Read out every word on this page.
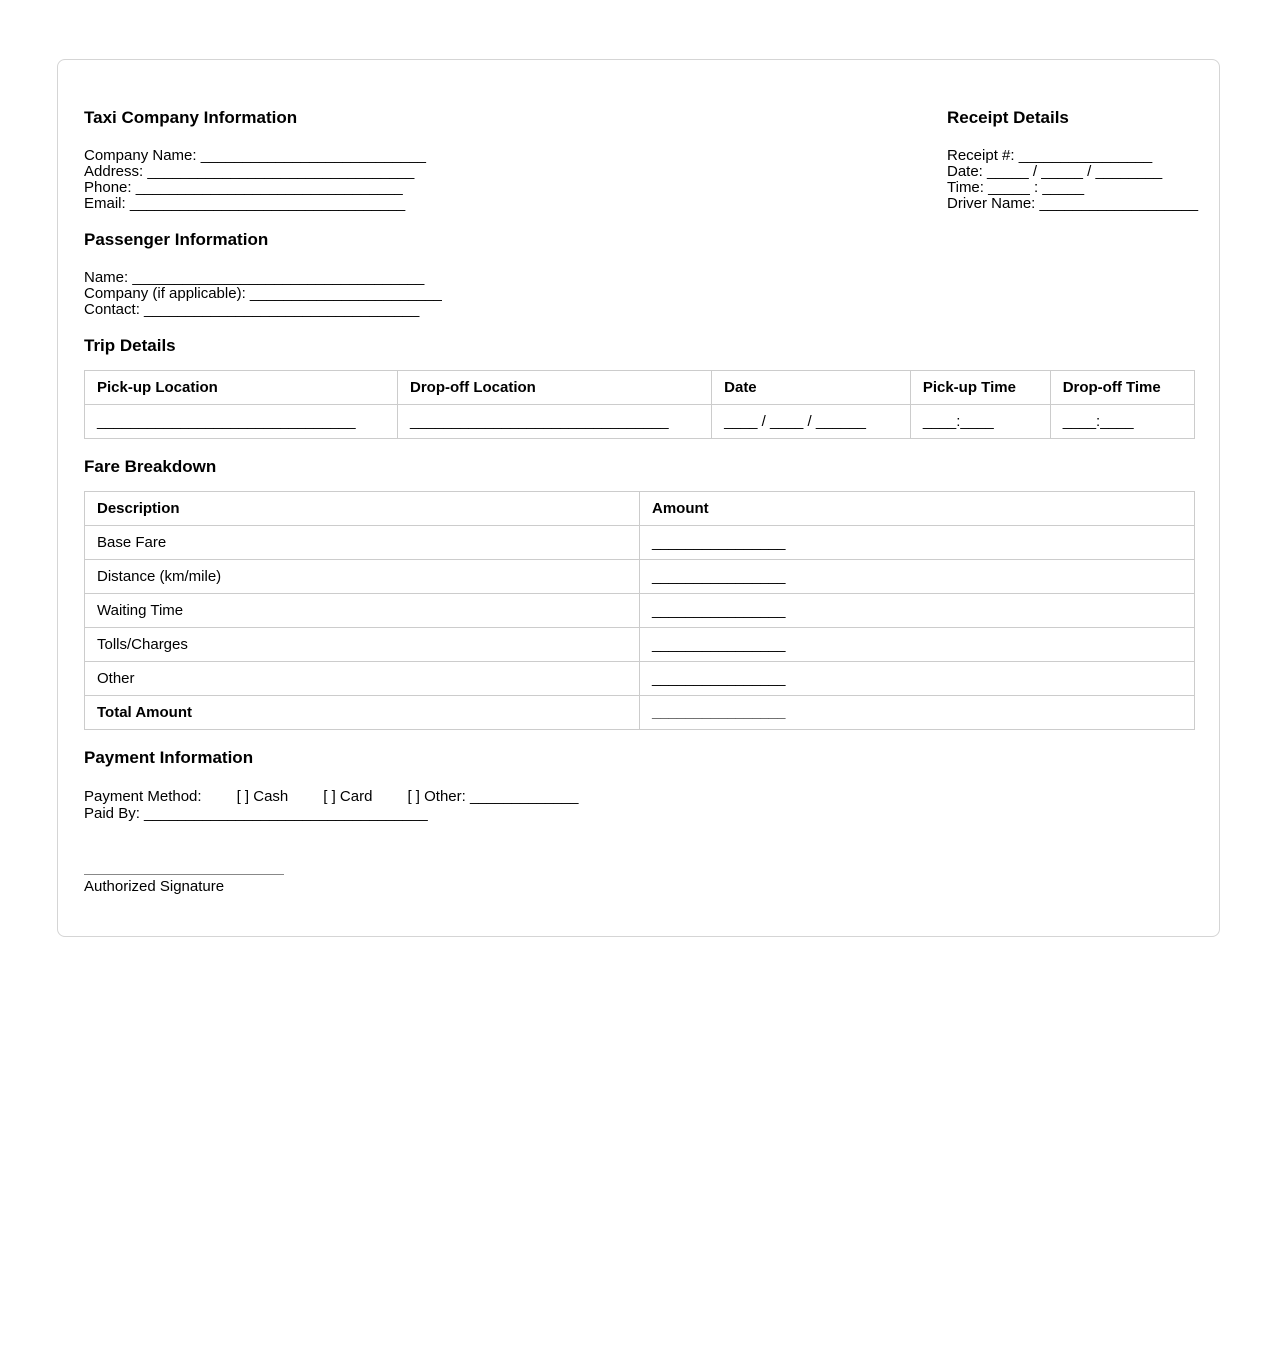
Taxi Company Information
Company Name: ___________________________
Address: ________________________________
Phone: ________________________________
Email: _________________________________
Receipt Details
Receipt #: ________________
Date: _____ / _____ / ________
Time: _____ : _____
Driver Name: ___________________
Passenger Information
Name: ___________________________________
Company (if applicable): _______________________
Contact: _________________________________
Trip Details
Pick-up Location	Drop-off Location	Date	Pick-up Time	Drop-off Time
_______________________________	_______________________________	____ / ____ / ______	____:____	____:____
Fare Breakdown
Description	Amount
Base Fare	________________
Distance (km/mile)	________________
Waiting Time	________________
Tolls/Charges	________________
Other	________________
Total Amount	________________
Payment Information
Payment Method: [ ] Cash [ ] Card [ ] Other: _____________
Paid By: __________________________________
Authorized Signature
